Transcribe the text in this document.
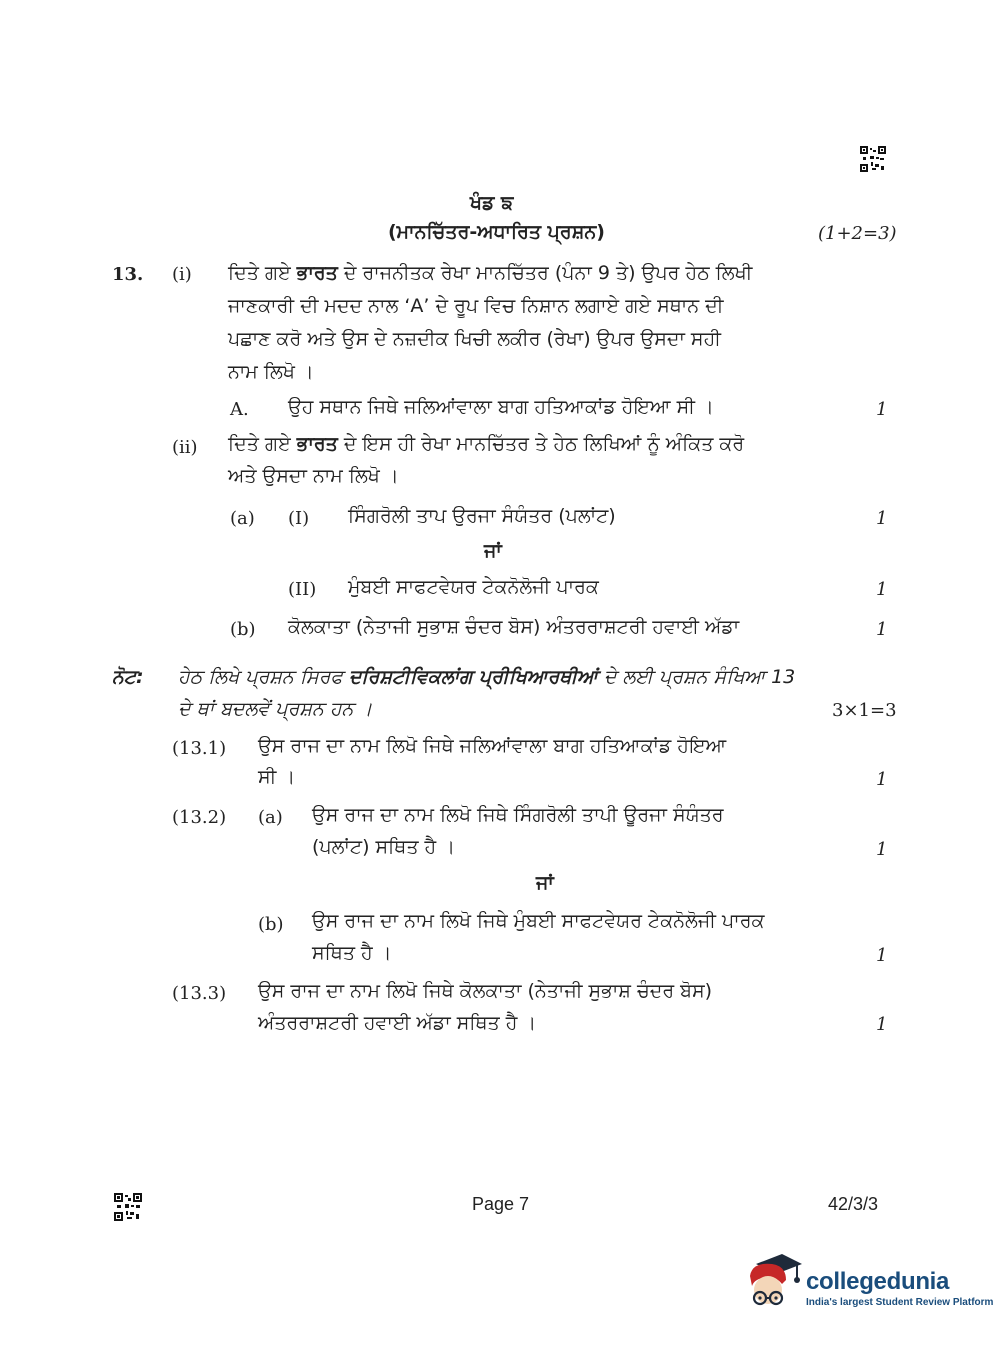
ਖੰਡ ਙ
(ਮਾਨਚਿੱਤਰ-ਅਧਾਰਿਤ ਪ੍ਰਸ਼ਨ)	(1+2=3)
13. (i) ਦਿਤੇ ਗਏ ਭਾਰਤ ਦੇ ਰਾਜਨੀਤਕ ਰੇਖਾ ਮਾਨਚਿੱਤਰ (ਪੰਨਾ 9 ਤੇ) ਉਪਰ ਹੇਠ ਲਿਖੀ
ਜਾਣਕਾਰੀ ਦੀ ਮਦਦ ਨਾਲ ‘A’ ਦੇ ਰੂਪ ਵਿਚ ਨਿਸ਼ਾਨ ਲਗਾਏ ਗਏ ਸਥਾਨ ਦੀ
ਪਛਾਣ ਕਰੋ ਅਤੇ ਉਸ ਦੇ ਨਜ਼ਦੀਕ ਖਿਚੀ ਲਕੀਰ (ਰੇਖਾ) ਉਪਰ ਉਸਦਾ ਸਹੀ
ਨਾਮ ਲਿਖੋ ।
A. ਉਹ ਸਥਾਨ ਜਿਥੇ ਜਲਿਆਂਵਾਲਾ ਬਾਗ ਹਤਿਆਕਾਂਡ ਹੋਇਆ ਸੀ ।	1
(ii) ਦਿਤੇ ਗਏ ਭਾਰਤ ਦੇ ਇਸ ਹੀ ਰੇਖਾ ਮਾਨਚਿੱਤਰ ਤੇ ਹੇਠ ਲਿਖਿਆਂ ਨੂੰ ਅੰਕਿਤ ਕਰੋ
ਅਤੇ ਉਸਦਾ ਨਾਮ ਲਿਖੋ ।
(a) (I) ਸਿੰਗਰੋਲੀ ਤਾਪ ਉਰਜਾ ਸੰਯੰਤਰ (ਪਲਾਂਟ)	1
ਜਾਂ
(II) ਮੁੰਬਈ ਸਾਫਟਵੇਯਰ ਟੇਕਨੋਲੋਜੀ ਪਾਰਕ	1
(b) ਕੋਲਕਾਤਾ (ਨੇਤਾਜੀ ਸੁਭਾਸ਼ ਚੰਦਰ ਬੋਸ) ਅੰਤਰਰਾਸ਼ਟਰੀ ਹਵਾਈ ਅੱਡਾ	1
ਨੋਟ: ਹੇਠ ਲਿਖੇ ਪ੍ਰਸ਼ਨ ਸਿਰਫ ਦਰਿਸ਼ਟੀਵਿਕਲਾਂਗ ਪ੍ਰੀਖਿਆਰਥੀਆਂ ਦੇ ਲਈ ਪ੍ਰਸ਼ਨ ਸੰਖਿਆ 13
ਦੇ ਥਾਂ ਬਦਲਵੇਂ ਪ੍ਰਸ਼ਨ ਹਨ ।	3×1=3
(13.1) ਉਸ ਰਾਜ ਦਾ ਨਾਮ ਲਿਖੋ ਜਿਥੇ ਜਲਿਆਂਵਾਲਾ ਬਾਗ ਹਤਿਆਕਾਂਡ ਹੋਇਆ
ਸੀ ।	1
(13.2) (a) ਉਸ ਰਾਜ ਦਾ ਨਾਮ ਲਿਖੋ ਜਿਥੇ ਸਿੰਗਰੋਲੀ ਤਾਪੀ ਊਰਜਾ ਸੰਯੰਤਰ
(ਪਲਾਂਟ) ਸਥਿਤ ਹੈ ।	1
ਜਾਂ
(b) ਉਸ ਰਾਜ ਦਾ ਨਾਮ ਲਿਖੋ ਜਿਥੇ ਮੁੰਬਈ ਸਾਫਟਵੇਯਰ ਟੇਕਨੋਲੋਜੀ ਪਾਰਕ
ਸਥਿਤ ਹੈ ।	1
(13.3) ਉਸ ਰਾਜ ਦਾ ਨਾਮ ਲਿਖੋ ਜਿਥੇ ਕੋਲਕਾਤਾ (ਨੇਤਾਜੀ ਸੁਭਾਸ਼ ਚੰਦਰ ਬੋਸ)
ਅੰਤਰਰਾਸ਼ਟਰੀ ਹਵਾਈ ਅੱਡਾ ਸਥਿਤ ਹੈ ।	1
Page 7	42/3/3
collegedunia
India's largest Student Review Platform
